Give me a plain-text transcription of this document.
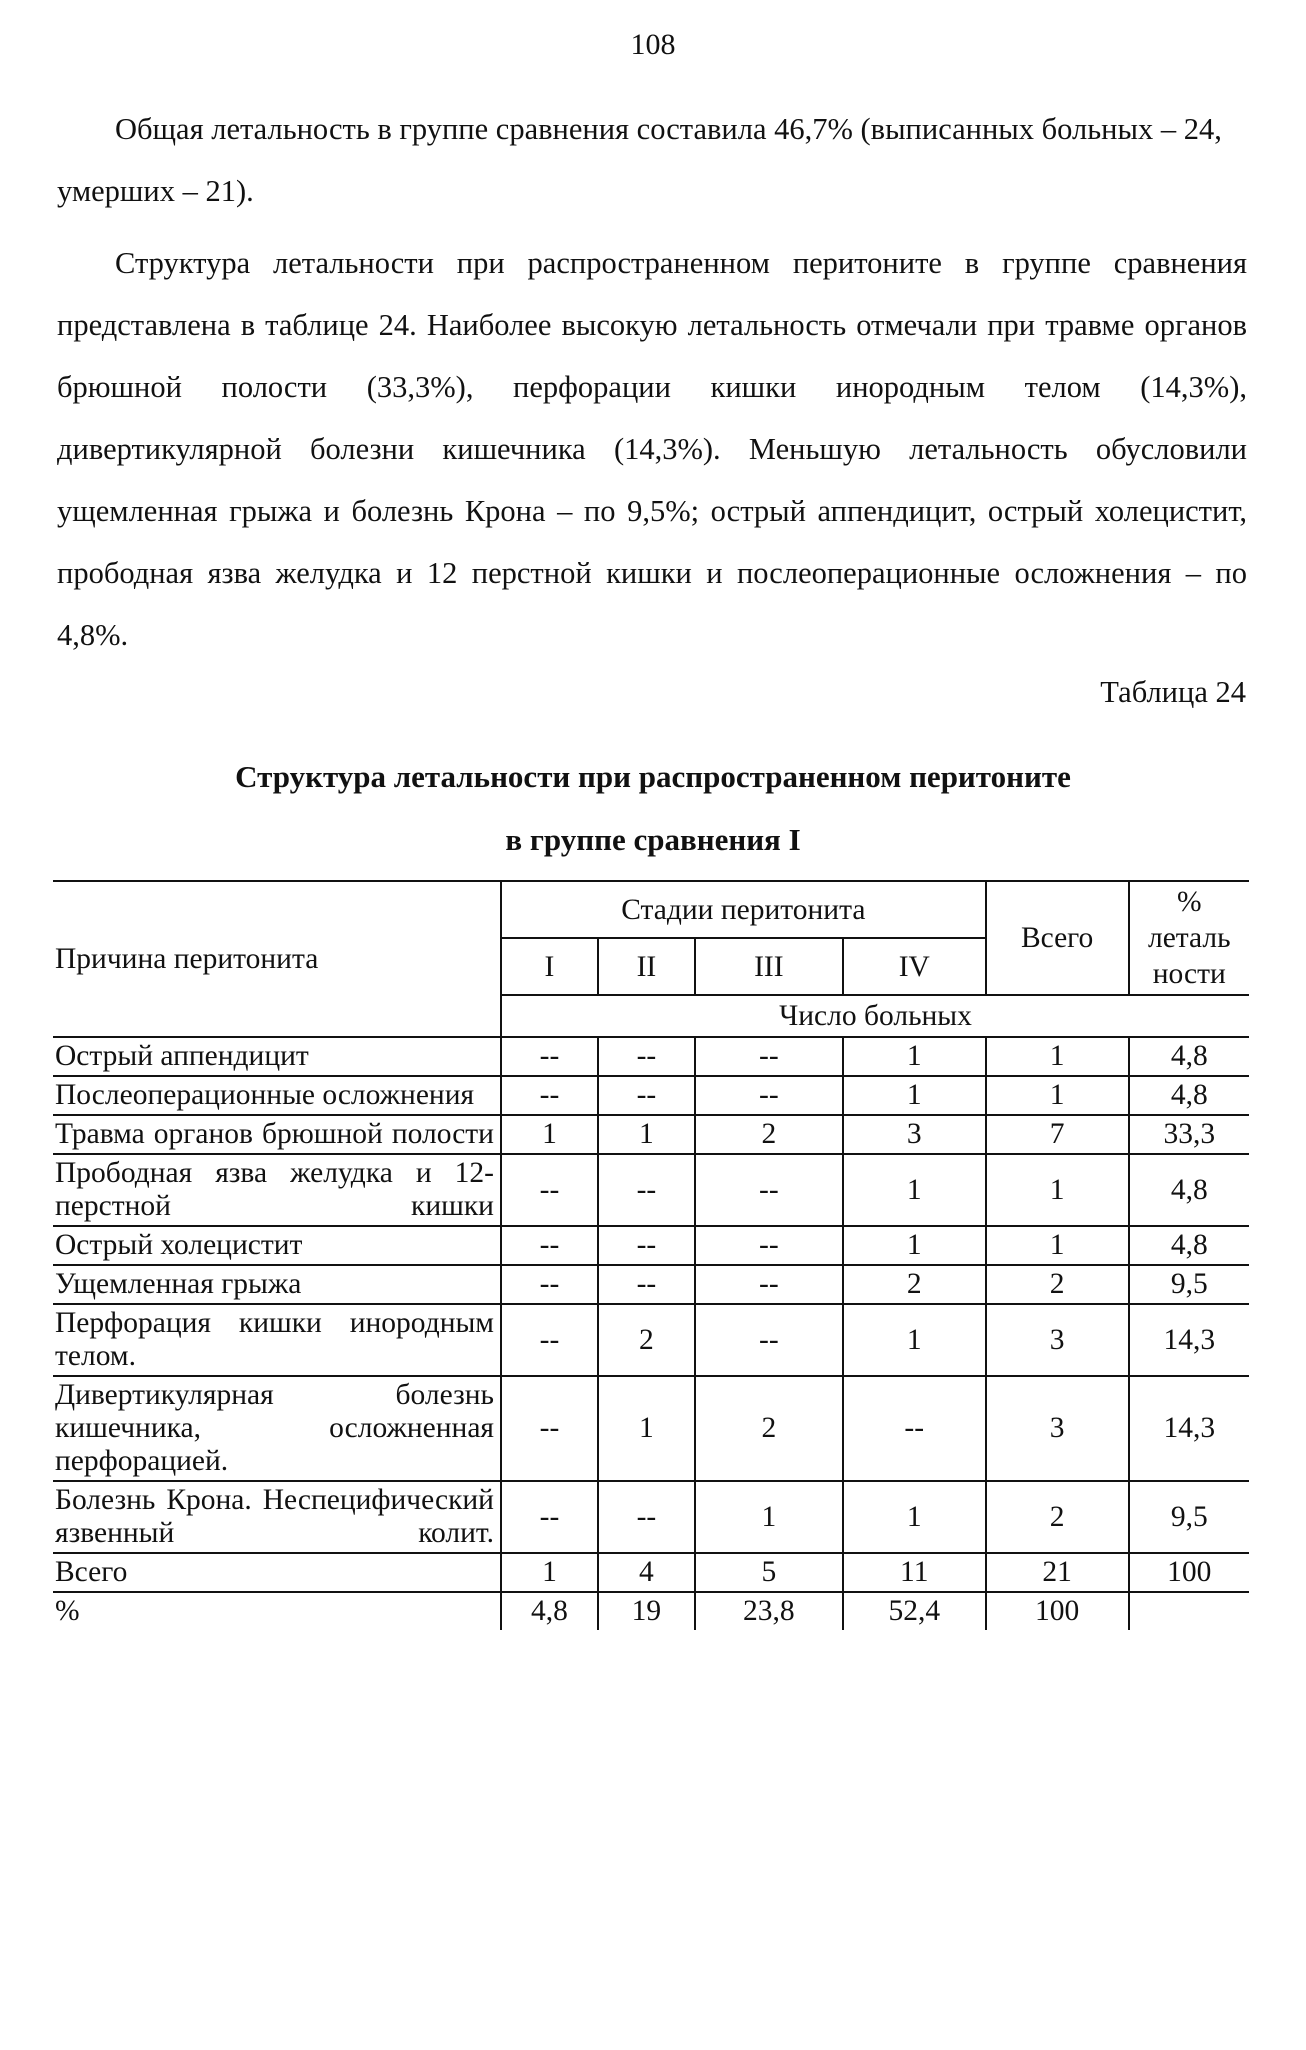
108

Общая летальность в группе сравнения составила 46,7% (выписанных больных – 24, умерших – 21).

Структура летальности при распространенном перитоните в группе сравнения представлена в таблице 24. Наиболее высокую летальность отмечали при травме органов брюшной полости (33,3%), перфорации кишки инородным телом (14,3%), дивертикулярной болезни кишечника (14,3%). Меньшую летальность обусловили ущемленная грыжа и болезнь Крона – по 9,5%; острый аппендицит, острый холецистит, прободная язва желудка и 12 перстной кишки и послеоперационные осложнения – по 4,8%.

Таблица 24
Структура летальности при распространенном перитоните
в группе сравнения I
Причина перитонита	Стадии перитонита				Всего	%
леталь
ности

	I	II	III	IV		
	Число больных					
Острый аппендицит	--	--	--	1	1	4,8
Послеоперационные осложнения	--	--	--	1	1	4,8

Травма органов брюшной полости	1	1	2	3	7	33,3

Прободная язва желудка и 12-перстной кишки	--	--	--	1	1	4,8
Острый холецистит	--	--	--	1	1	4,8
Ущемленная грыжа	--	--	--	2	2	9,5

Перфорация кишки инородным телом.	--	2	--	1	3	14,3

Дивертикулярная болезнь кишечника, осложненная перфорацией.	--	1	2	--	3	14,3

Болезнь Крона. Неспецифический язвенный колит.	--	--	1	1	2	9,5
Всего	1	4	5	11	21	100
%	4,8	19	23,8	52,4	100	
